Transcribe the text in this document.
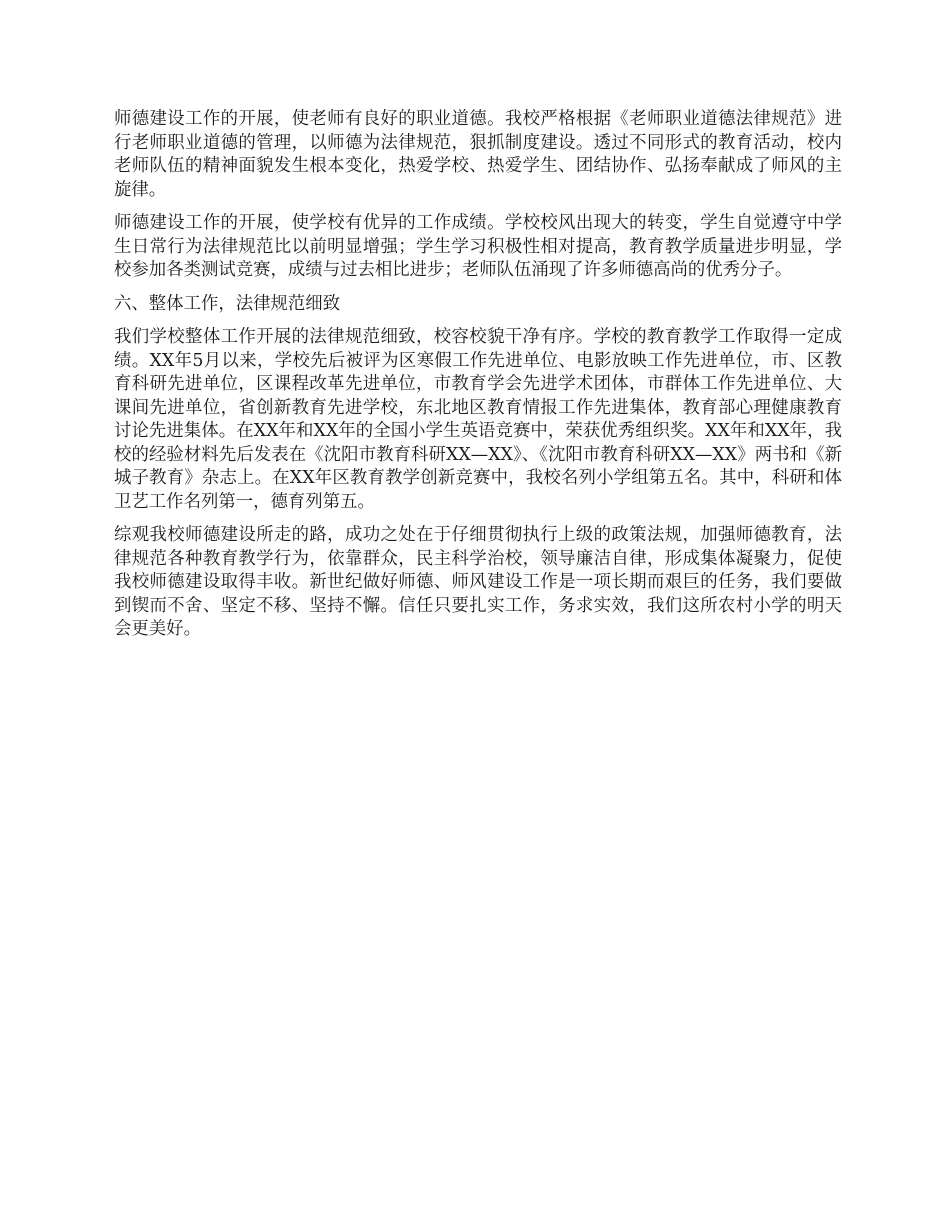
师德建设工作的开展，使老师有良好的职业道德。我校严格根据《老师职业道德法律规范》进行老师职业道德的管理，以师德为法律规范，狠抓制度建设。透过不同形式的教育活动，校内老师队伍的精神面貌发生根本变化，热爱学校、热爱学生、团结协作、弘扬奉献成了师风的主旋律。

师德建设工作的开展，使学校有优异的工作成绩。学校校风出现大的转变，学生自觉遵守中学生日常行为法律规范比以前明显增强；学生学习积极性相对提高，教育教学质量进步明显，学校参加各类测试竞赛，成绩与过去相比进步；老师队伍涌现了许多师德高尚的优秀分子。

六、整体工作，法律规范细致

我们学校整体工作开展的法律规范细致，校容校貌干净有序。学校的教育教学工作取得一定成绩。XX年5月以来，学校先后被评为区寒假工作先进单位、电影放映工作先进单位，市、区教育科研先进单位，区课程改革先进单位，市教育学会先进学术团体，市群体工作先进单位、大课间先进单位，省创新教育先进学校，东北地区教育情报工作先进集体，教育部心理健康教育讨论先进集体。在XX年和XX年的全国小学生英语竞赛中，荣获优秀组织奖。XX年和XX年，我校的经验材料先后发表在《沈阳市教育科研XX—XX》、《沈阳市教育科研XX—XX》两书和《新城子教育》杂志上。在XX年区教育教学创新竞赛中，我校名列小学组第五名。其中，科研和体卫艺工作名列第一，德育列第五。

综观我校师德建设所走的路，成功之处在于仔细贯彻执行上级的政策法规，加强师德教育，法律规范各种教育教学行为，依靠群众，民主科学治校，领导廉洁自律，形成集体凝聚力，促使我校师德建设取得丰收。新世纪做好师德、师风建设工作是一项长期而艰巨的任务，我们要做到锲而不舍、坚定不移、坚持不懈。信任只要扎实工作，务求实效，我们这所农村小学的明天会更美好。
